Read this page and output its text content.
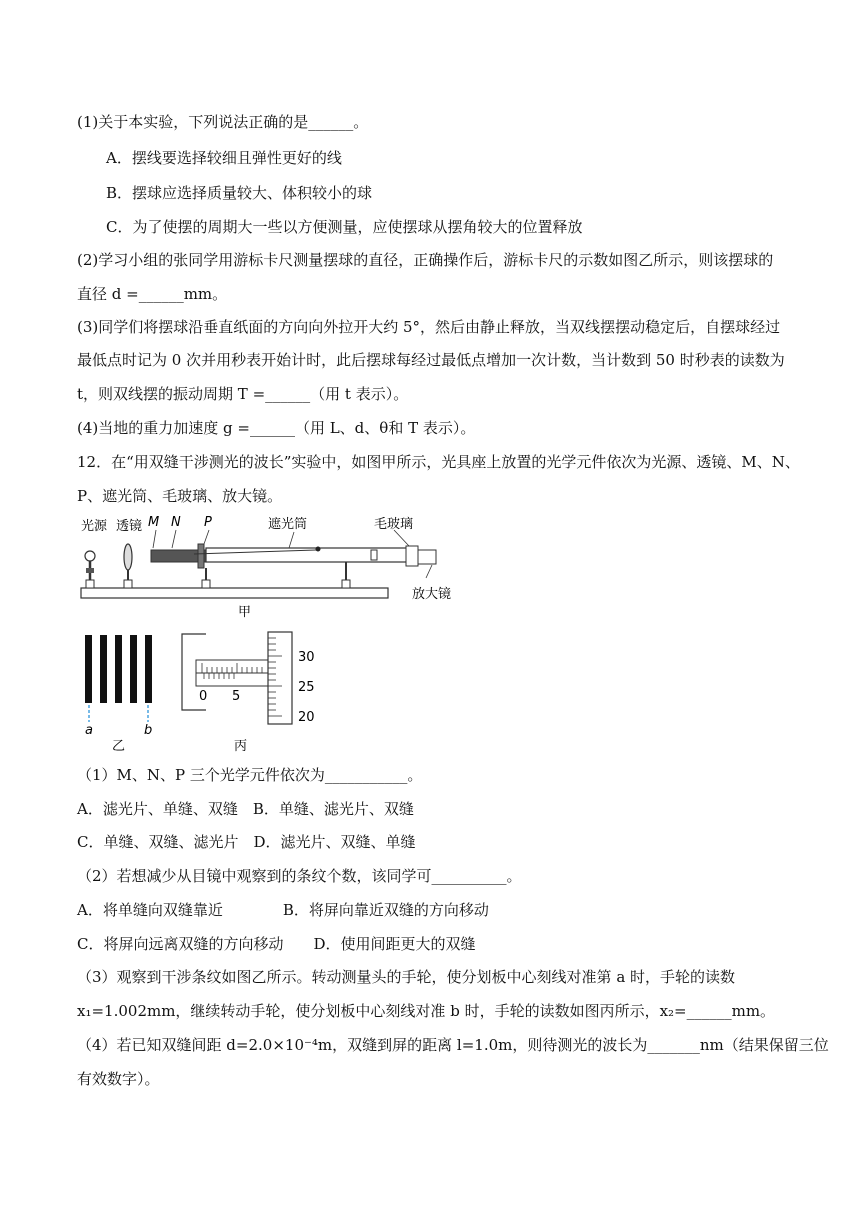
(1)关于本实验，下列说法正确的是______。
A．摆线要选择较细且弹性更好的线
B．摆球应选择质量较大、体积较小的球
C．为了使摆的周期大一些以方便测量，应使摆球从摆角较大的位置释放
(2)学习小组的张同学用游标卡尺测量摆球的直径，正确操作后，游标卡尺的示数如图乙所示，则该摆球的
直径 d =______mm。
(3)同学们将摆球沿垂直纸面的方向向外拉开大约 5°，然后由静止释放，当双线摆摆动稳定后，自摆球经过
最低点时记为 0 次并用秒表开始计时，此后摆球每经过最低点增加一次计数，当计数到 50 时秒表的读数为
t，则双线摆的振动周期 T =______（用 t 表示）。
(4)当地的重力加速度 g =______（用 L、d、θ和 T 表示）。
12．在“用双缝干涉测光的波长”实验中，如图甲所示，光具座上放置的光学元件依次为光源、透镜、M、N、
P、遮光筒、毛玻璃、放大镜。
光源 透镜 M N P	遮光筒	毛玻璃
放大镜
甲
a	b
乙
0 5
30
25
20
丙
（1）M、N、P 三个光学元件依次为___________。
A．滤光片、单缝、双缝　B．单缝、滤光片、双缝
C．单缝、双缝、滤光片　D．滤光片、双缝、单缝
（2）若想减少从目镜中观察到的条纹个数，该同学可__________。
A．将单缝向双缝靠近　　　　B．将屏向靠近双缝的方向移动
C．将屏向远离双缝的方向移动　　D．使用间距更大的双缝
（3）观察到干涉条纹如图乙所示。转动测量头的手轮，使分划板中心刻线对准第 a 时，手轮的读数
x₁=1.002mm，继续转动手轮，使分划板中心刻线对准 b 时，手轮的读数如图丙所示，x₂=______mm。
（4）若已知双缝间距 d=2.0×10⁻⁴m，双缝到屏的距离 l=1.0m，则待测光的波长为_______nm（结果保留三位
有效数字）。
